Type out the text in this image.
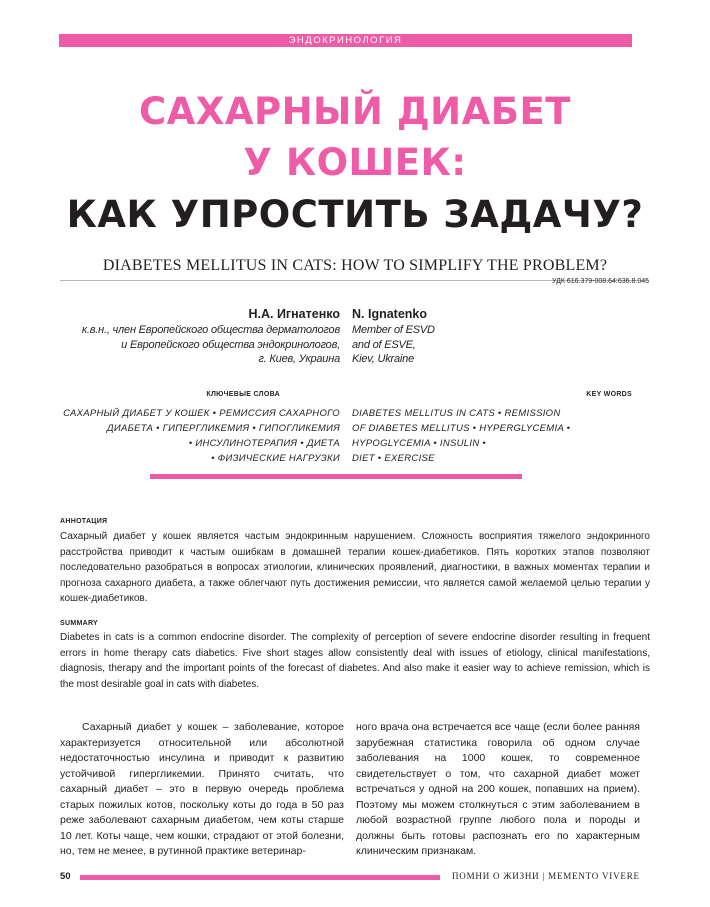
ЭНДОКРИНОЛОГИЯ
САХАРНЫЙ ДИАБЕТ
У КОШЕК:
КАК УПРОСТИТЬ ЗАДАЧУ?
DIABETES MELLITUS IN CATS: HOW TO SIMPLIFY THE PROBLEM?
УДК 616.379-008.64:636.8.045
Н.А. Игнатенко
к.в.н., член Европейского общества дерматологов
и Европейского общества эндокринологов,
г. Киев, Украина
N. Ignatenko
Member of ESVD
and of ESVE,
Kiev, Ukraine
КЛЮЧЕВЫЕ СЛОВА	KEY WORDS
САХАРНЫЙ ДИАБЕТ У КОШЕК • РЕМИССИЯ САХАРНОГО
ДИАБЕТА • ГИПЕРГЛИКЕМИЯ • ГИПОГЛИКЕМИЯ
• ИНСУЛИНОТЕРАПИЯ • ДИЕТА
• ФИЗИЧЕСКИЕ НАГРУЗКИ
DIABETES MELLITUS IN CATS • REMISSION
OF DIABETES MELLITUS • HYPERGLYCEMIA •
HYPOGLYCEMIA • INSULIN •
DIET • EXERCISE
АННОТАЦИЯ
Сахарный диабет у кошек является частым эндокринным нарушением. Сложность восприятия тяжелого эндокринного расстройства приводит к частым ошибкам в домашней терапии кошек-диабетиков. Пять коротких этапов позволяют последовательно разобраться в вопросах этиологии, клинических проявлений, диагностики, в важных моментах терапии и прогноза сахарного диабета, а также облегчают путь достижения ремиссии, что является самой желаемой целью терапии у кошек-диабетиков.
SUMMARY
Diabetes in cats is a common endocrine disorder. The complexity of perception of severe endocrine disorder resulting in frequent errors in home therapy cats diabetics. Five short stages allow consistently deal with issues of etiology, clinical manifestations, diagnosis, therapy and the important points of the forecast of diabetes. And also make it easier way to achieve remission, which is the most desirable goal in cats with diabetes.

Сахарный диабет у кошек – заболевание, которое характеризуется относительной или абсолютной недостаточностью инсулина и приводит к развитию устойчивой гипергликемии. Принято считать, что сахарный диабет – это в первую очередь проблема старых пожилых котов, поскольку коты до года в 50 раз реже заболевают сахарным диабетом, чем коты старше 10 лет. Коты чаще, чем кошки, страдают от этой болезни, но, тем не менее, в рутинной практике ветеринар-

ного врача она встречается все чаще (если более ранняя зарубежная статистика говорила об одном случае заболевания на 1000 кошек, то современное свидетельствует о том, что сахарной диабет может встречаться у одной на 200 кошек, попавших на прием). Поэтому мы можем столкнуться с этим заболеванием в любой возрастной группе любого пола и породы и должны быть готовы распознать его по характерным клиническим признакам.

50	ПОМНИ О ЖИЗНИ | MEMENTO VIVERE
